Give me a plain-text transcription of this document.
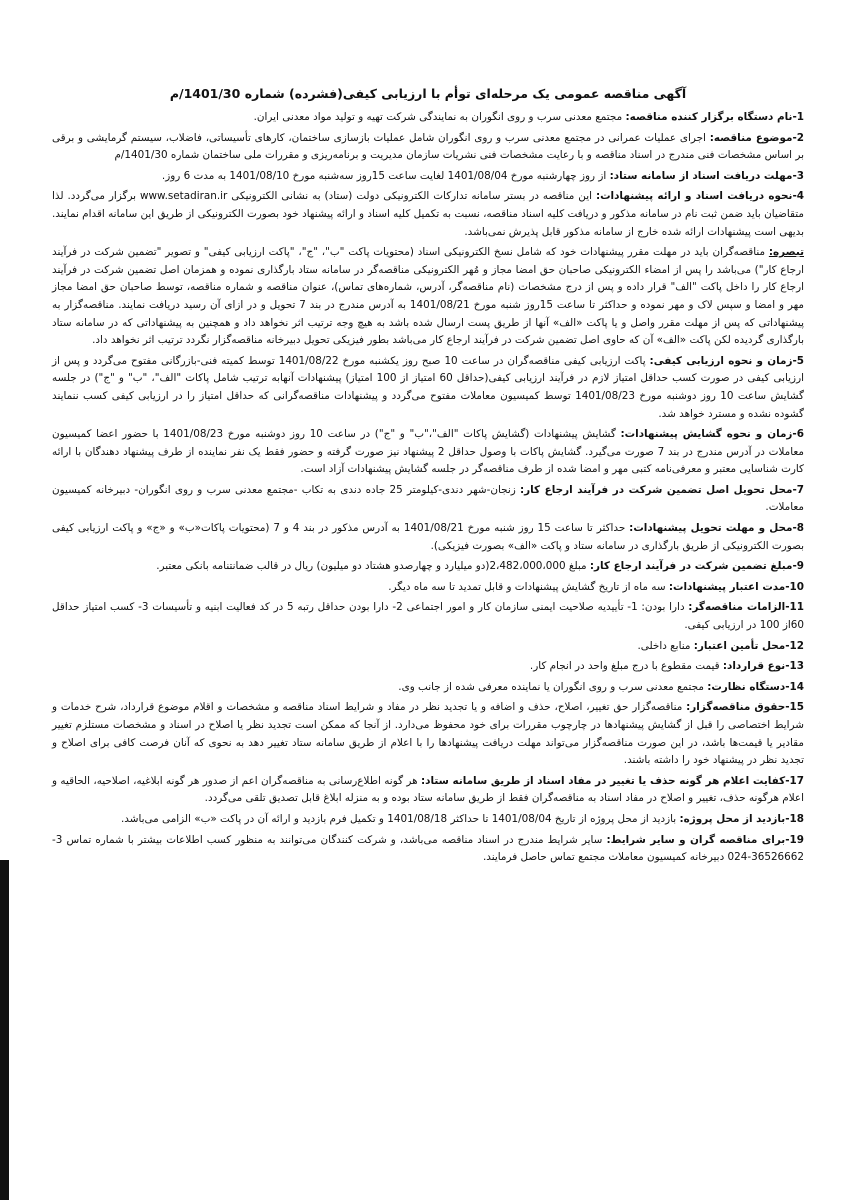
آگهی مناقصه عمومی یک مرحله‌ای توأم با ارزیابی کیفی(فشرده) شماره 1401/30/م
1-نام دستگاه برگزار کننده مناقصه: مجتمع معدنی سرب و روی انگوران به نمایندگی شرکت تهیه و تولید مواد معدنی ایران.
2-موضوع مناقصه: اجرای عملیات عمرانی در مجتمع معدنی سرب و روی انگوران شامل عملیات بازسازی ساختمان، کارهای تأسیساتی، فاضلاب، سیستم گرمایشی و برقی بر اساس مشخصات فنی مندرج در اسناد مناقصه و با رعایت مشخصات فنی نشریات سازمان مدیریت و برنامه‌ریزی و مقررات ملی ساختمان شماره 1401/30/م
3-مهلت دریافت اسناد از سامانه ستاد: از روز چهارشنبه مورخ 1401/08/04 لغایت ساعت 15روز سه‌شنبه مورخ 1401/08/10 به مدت 6 روز.
4-نحوه دریافت اسناد و ارائه پیشنهادات: این مناقصه در بستر سامانه تدارکات الکترونیکی دولت (ستاد) به نشانی الکترونیکی www.setadiran.ir برگزار می‌گردد. لذا متقاضیان باید ضمن ثبت نام در سامانه مذکور و دریافت کلیه اسناد مناقصه، نسبت به تکمیل کلیه اسناد و ارائه پیشنهاد خود بصورت الکترونیکی از طریق این سامانه اقدام نمایند. بدیهی است پیشنهادات ارائه شده خارج از سامانه مذکور قابل پذیرش نمی‌باشد.
تبصره: مناقصه‌گران باید در مهلت مقرر پیشنهادات خود که شامل نسخ الکترونیکی اسناد (محتویات پاکت "ب"، "ج"، "پاکت ارزیابی کیفی" و تصویر "تضمین شرکت در فرآیند ارجاع کار") می‌باشد را پس از امضاء الکترونیکی صاحبان حق امضا مجاز و مُهر الکترونیکی مناقصه‌گر در سامانه ستاد بارگذاری نموده و همزمان اصل تضمین شرکت در فرآیند ارجاع کار را داخل پاکت "الف" قرار داده و پس از درج مشخصات (نام مناقصه‌گر، آدرس، شماره‌های تماس)، عنوان مناقصه و شماره مناقصه، توسط صاحبان حق امضا مجاز مهر و امضا و سپس لاک و مهر نموده و حداکثر تا ساعت 15روز شنبه مورخ 1401/08/21 به آدرس مندرج در بند 7 تحویل و در ازای آن رسید دریافت نمایند. مناقصه‌گزار به پیشنهاداتی که پس از مهلت مقرر واصل و یا پاکت «الف» آنها از طریق پست ارسال شده باشد به هیچ وجه ترتیب اثر نخواهد داد و همچنین به پیشنهاداتی که در سامانه ستاد بارگذاری گردیده لکن پاکت «الف» آن که حاوی اصل تضمین شرکت در فرآیند ارجاع کار می‌باشد بطور فیزیکی تحویل دبیرخانه مناقصه‌گزار نگردد ترتیب اثر نخواهد داد.
5-زمان و نحوه ارزیابی کیفی: پاکت ارزیابی کیفی مناقصه‌گران در ساعت 10 صبح روز یکشنبه مورخ 1401/08/22 توسط کمیته فنی-بازرگانی مفتوح می‌گردد و پس از ارزیابی کیفی در صورت کسب حداقل امتیاز لازم در فرآیند ارزیابی کیفی(حداقل 60 امتیاز از 100 امتیاز) پیشنهادات آنهابه ترتیب شامل پاکات "الف"، "ب" و "ج") در جلسه گشایش ساعت 10 روز دوشنبه مورخ 1401/08/23 توسط کمیسیون معاملات مفتوح می‌گردد و پیشنهادات مناقصه‌گرانی که حداقل امتیاز را در ارزیابی کیفی کسب ننمایند گشوده نشده و مسترد خواهد شد.
6-زمان و نحوه گشایش پیشنهادات: گشایش پیشنهادات (گشایش پاکات "الف"،"ب" و "ج") در ساعت 10 روز دوشنبه مورخ 1401/08/23 با حضور اعضا کمیسیون معاملات در آدرس مندرج در بند 7 صورت می‌گیرد. گشایش پاکات با وصول حداقل 2 پیشنهاد نیز صورت گرفته و حضور فقط یک نفر نماینده از طرف پیشنهاد دهندگان با ارائه کارت شناسایی معتبر و معرفی‌نامه کتبی مهر و امضا شده از طرف مناقصه‌گر در جلسه گشایش پیشنهادات آزاد است.
7-محل تحویل اصل تضمین شرکت در فرآیند ارجاع کار: زنجان-شهر دندی-کیلومتر 25 جاده دندی به تکاب -مجتمع معدنی سرب و روی انگوران- دبیرخانه کمیسیون معاملات.
8-محل و مهلت تحویل پیشنهادات: حداکثر تا ساعت 15 روز شنبه مورخ 1401/08/21 به آدرس مذکور در بند 4 و 7 (محتویات پاکات«ب» و «ج» و پاکت ارزیابی کیفی بصورت الکترونیکی از طریق بارگذاری در سامانه ستاد و پاکت «الف» بصورت فیزیکی).
9-مبلغ تضمین شرکت در فرآیند ارجاع کار: مبلغ 2،482،000،000(دو میلیارد و چهارصدو هشتاد دو میلیون) ریال در قالب ضمانتنامه بانکی معتبر.
10-مدت اعتبار پیشنهادات: سه ماه از تاریخ گشایش پیشنهادات و قابل تمدید تا سه ماه دیگر.
11-الزامات مناقصه‌گر: دارا بودن: 1- تأییدیه صلاحیت ایمنی سازمان کار و امور اجتماعی 2- دارا بودن حداقل رتبه 5 در کد فعالیت ابنیه و تأسیسات 3- کسب امتیاز حداقل 60از 100 در ارزیابی کیفی.
12-محل تأمین اعتبار: منابع داخلی.
13-نوع قرارداد: قیمت مقطوع با درج مبلغ واحد در انجام کار.
14-دستگاه نظارت: مجتمع معدنی سرب و روی انگوران یا نماینده معرفی شده از جانب وی.
15-حقوق مناقصه‌گزار: مناقصه‌گزار حق تغییر، اصلاح، حذف و اضافه و یا تجدید نظر در مفاد و شرایط اسناد مناقصه و مشخصات و اقلام موضوع قرارداد، شرح خدمات و شرایط اختصاصی را قبل از گشایش پیشنهادها در چارچوب مقررات برای خود محفوظ می‌دارد. از آنجا که ممکن است تجدید نظر یا اصلاح در اسناد و مشخصات مستلزم تغییر مقادیر یا قیمت‌ها باشد، در این صورت مناقصه‌گزار می‌تواند مهلت دریافت پیشنهادها را با اعلام از طریق سامانه ستاد تغییر دهد به نحوی که آنان فرصت کافی برای اصلاح و تجدید نظر در پیشنهاد خود را داشته باشند.
17-کفایت اعلام هر گونه حذف یا تغییر در مفاد اسناد از طریق سامانه ستاد: هر گونه اطلاع‌رسانی به مناقصه‌گران اعم از صدور هر گونه ابلاغیه، اصلاحیه، الحاقیه و اعلام هرگونه حذف، تغییر و اصلاح در مفاد اسناد به مناقصه‌گران فقط از طریق سامانه ستاد بوده و به منزله ابلاغ قابل تصدیق تلقی می‌گردد.
18-بازدید از محل پروژه: بازدید از محل پروژه از تاریخ 1401/08/04 تا حداکثر 1401/08/18 و تکمیل فرم بازدید و ارائه آن در پاکت «ب» الزامی می‌باشد.
19-برای مناقصه گران و سایر شرایط: سایر شرایط مندرج در اسناد مناقصه می‌باشد، و شرکت کنندگان می‌توانند به منظور کسب اطلاعات بیشتر با شماره تماس 3-36526662-024 دبیرخانه کمیسیون معاملات مجتمع تماس حاصل فرمایند.
